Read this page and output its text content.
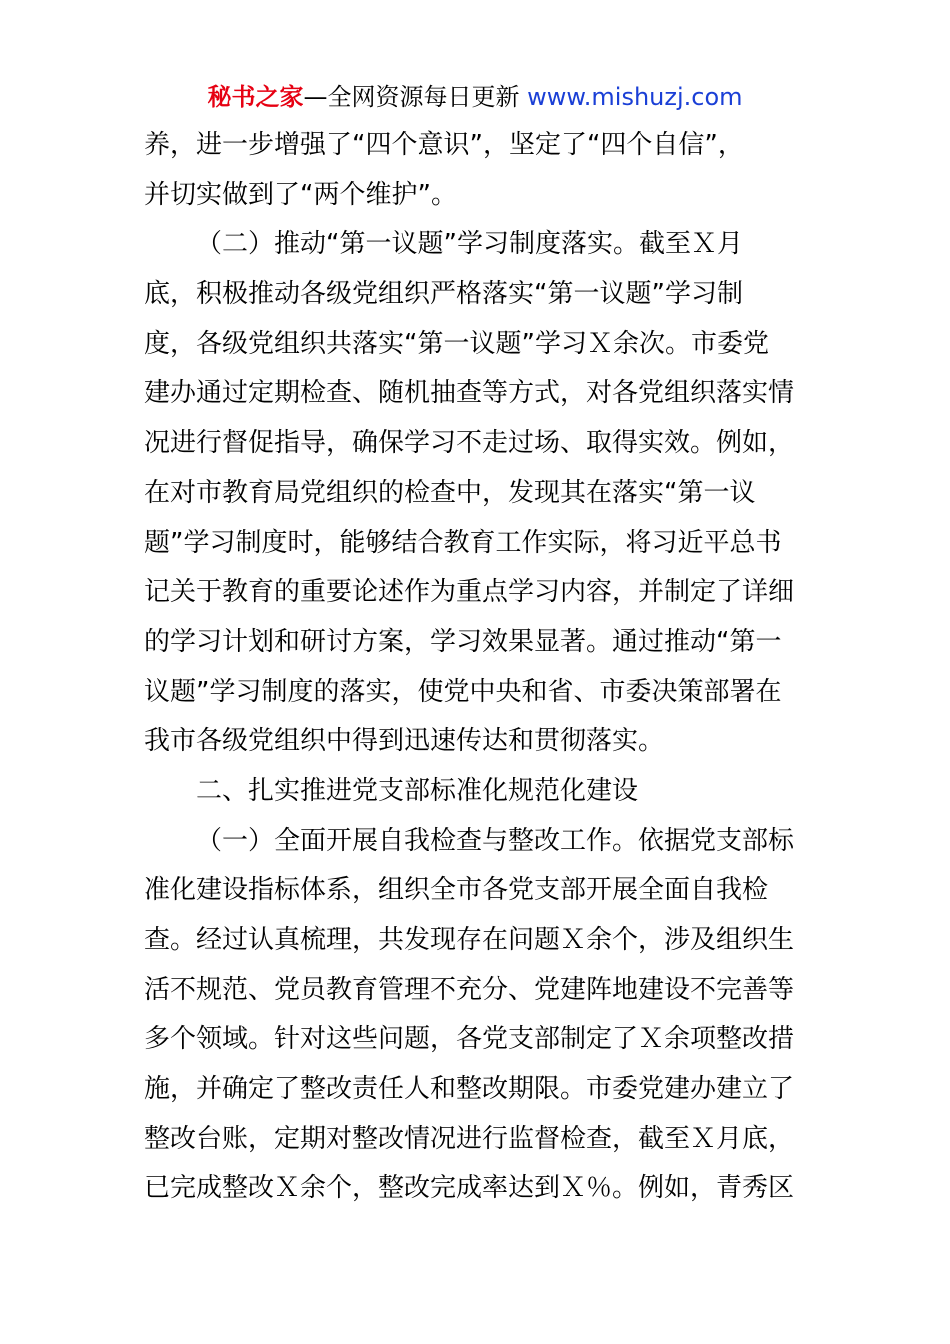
秘书之家—全网资源每日更新 www.mishuzj.com
养，进一步增强了“四个意识”，坚定了“四个自信”，
并切实做到了“两个维护”。
（二）推动“第一议题”学习制度落实。截至Ｘ月
底，积极推动各级党组织严格落实“第一议题”学习制
度，各级党组织共落实“第一议题”学习Ｘ余次。市委党
建办通过定期检查、随机抽查等方式，对各党组织落实情
况进行督促指导，确保学习不走过场、取得实效。例如，
在对市教育局党组织的检查中，发现其在落实“第一议
题”学习制度时，能够结合教育工作实际，将习近平总书
记关于教育的重要论述作为重点学习内容，并制定了详细
的学习计划和研讨方案，学习效果显著。通过推动“第一
议题”学习制度的落实，使党中央和省、市委决策部署在
我市各级党组织中得到迅速传达和贯彻落实。
二、扎实推进党支部标准化规范化建设
（一）全面开展自我检查与整改工作。依据党支部标
准化建设指标体系，组织全市各党支部开展全面自我检
查。经过认真梳理，共发现存在问题Ｘ余个，涉及组织生
活不规范、党员教育管理不充分、党建阵地建设不完善等
多个领域。针对这些问题，各党支部制定了Ｘ余项整改措
施，并确定了整改责任人和整改期限。市委党建办建立了
整改台账，定期对整改情况进行监督检查，截至Ｘ月底，
已完成整改Ｘ余个，整改完成率达到Ｘ％。例如，青秀区
